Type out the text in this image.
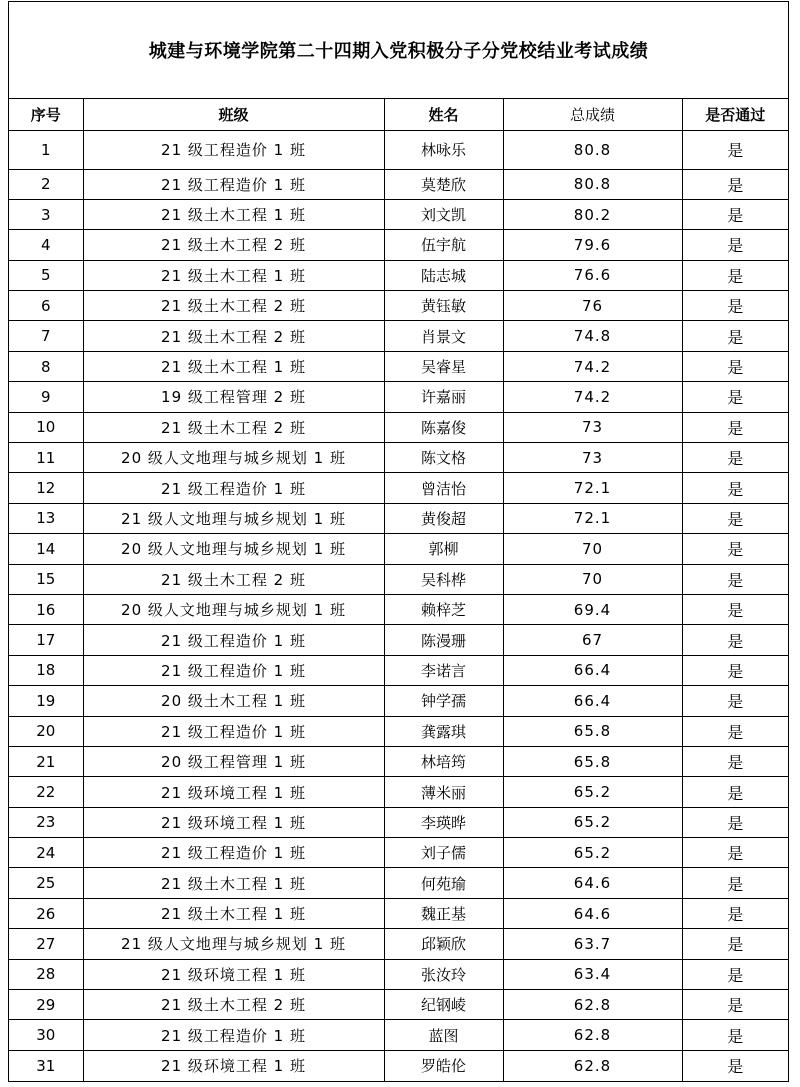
城建与环境学院第二十四期入党积极分子分党校结业考试成绩
序号	班级	姓名	总成绩	是否通过
1	21 级工程造价 1 班	林咏乐	80.8	是
2	21 级工程造价 1 班	莫楚欣	80.8	是
3	21 级土木工程 1 班	刘文凯	80.2	是
4	21 级土木工程 2 班	伍宇航	79.6	是
5	21 级土木工程 1 班	陆志城	76.6	是
6	21 级土木工程 2 班	黄钰敏	76	是
7	21 级土木工程 2 班	肖景文	74.8	是
8	21 级土木工程 1 班	吴睿星	74.2	是
9	19 级工程管理 2 班	许嘉丽	74.2	是
10	21 级土木工程 2 班	陈嘉俊	73	是
11	20 级人文地理与城乡规划 1 班	陈文格	73	是
12	21 级工程造价 1 班	曾洁怡	72.1	是
13	21 级人文地理与城乡规划 1 班	黄俊超	72.1	是
14	20 级人文地理与城乡规划 1 班	郭柳	70	是
15	21 级土木工程 2 班	吴科桦	70	是
16	20 级人文地理与城乡规划 1 班	赖梓芝	69.4	是
17	21 级工程造价 1 班	陈漫珊	67	是
18	21 级工程造价 1 班	李诺言	66.4	是
19	20 级土木工程 1 班	钟学孺	66.4	是
20	21 级工程造价 1 班	龚露琪	65.8	是
21	20 级工程管理 1 班	林培筠	65.8	是
22	21 级环境工程 1 班	薄米丽	65.2	是
23	21 级环境工程 1 班	李瑛晔	65.2	是
24	21 级工程造价 1 班	刘子儒	65.2	是
25	21 级土木工程 1 班	何苑瑜	64.6	是
26	21 级土木工程 1 班	魏正基	64.6	是
27	21 级人文地理与城乡规划 1 班	邱颖欣	63.7	是
28	21 级环境工程 1 班	张汝玲	63.4	是
29	21 级土木工程 2 班	纪钢崚	62.8	是
30	21 级工程造价 1 班	蓝图	62.8	是
31	21 级环境工程 1 班	罗皓伦	62.8	是
